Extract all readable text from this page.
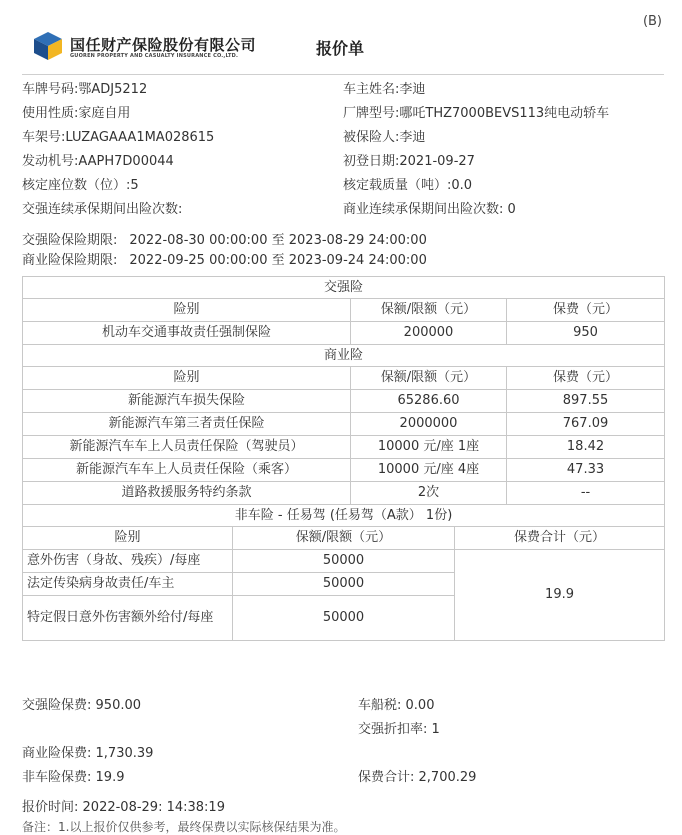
(B)
国任财产保险股份有限公司
GUOREN PROPERTY AND CASUALTY INSURANCE CO.,LTD.	报价单
车牌号码:鄂ADJ5212	车主姓名:李迪
使用性质:家庭自用	厂牌型号:哪吒THZ7000BEVS113纯电动轿车
车架号:LUZAGAAA1MA028615	被保险人:李迪
发动机号:AAPH7D00044	初登日期:2021-09-27
核定座位数（位）:5	核定载质量（吨）:0.0
交强连续承保期间出险次数:	商业连续承保期间出险次数: 0
交强险保险期限: 2022-08-30 00:00:00 至 2023-08-29 24:00:00
商业险保险期限: 2022-09-25 00:00:00 至 2023-09-24 24:00:00
交强险				
险别		保额/限额（元）		保费（元）
机动车交通事故责任强制保险		200000		950
商业险				
险别		保额/限额（元）		保费（元）
新能源汽车损失保险		65286.60		897.55
新能源汽车第三者责任保险		2000000		767.09
新能源汽车车上人员责任保险（驾驶员）		10000 元/座 1座		18.42
新能源汽车车上人员责任保险（乘客）		10000 元/座 4座		47.33
道路救援服务特约条款		2次		--
非车险 - 任易驾 (任易驾（A款） 1份)				
险别	保额/限额（元）		保费合计（元）	
意外伤害（身故、残疾）/每座	50000		19.9	
法定传染病身故责任/车主	50000			
特定假日意外伤害额外给付/每座	50000			
交强险保费: 950.00	车船税: 0.00
交强折扣率: 1
商业险保费: 1,730.39
非车险保费: 19.9	保费合计: 2,700.29
报价时间: 2022-08-29: 14:38:19
备注：1.以上报价仅供参考，最终保费以实际核保结果为准。
